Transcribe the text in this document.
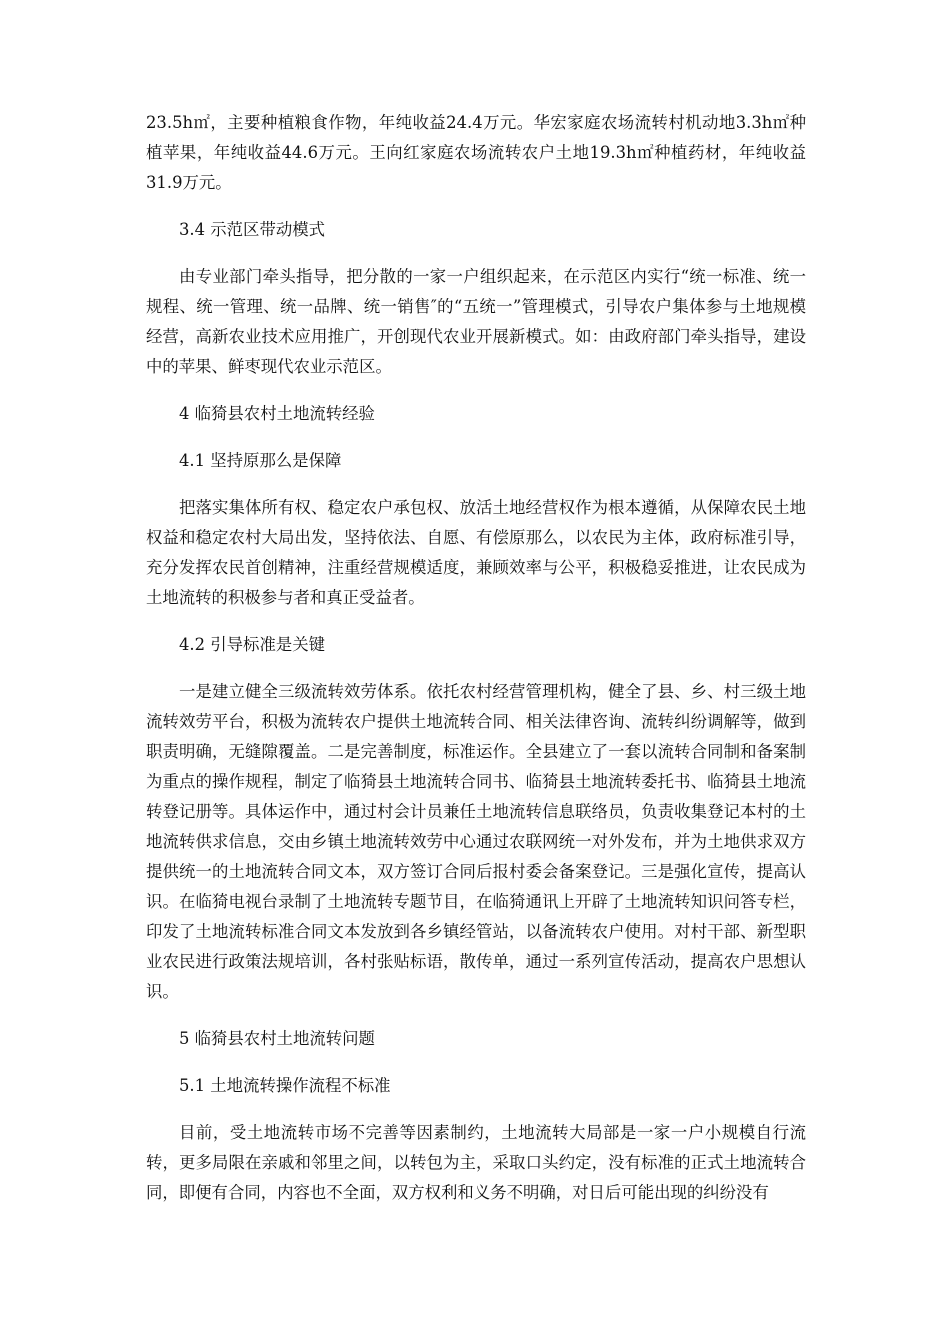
23.5h㎡，主要种植粮食作物，年纯收益24.4万元。华宏家庭农场流转村机动地3.3h㎡种植苹果，年纯收益44.6万元。王向红家庭农场流转农户土地19.3h㎡种植药材，年纯收益31.9万元。

3.4 示范区带动模式

由专业部门牵头指导，把分散的一家一户组织起来，在示范区内实行“统一标准、统一规程、统一管理、统一品牌、统一销售″的“五统一”管理模式，引导农户集体参与土地规模经营，高新农业技术应用推广，开创现代农业开展新模式。如：由政府部门牵头指导，建设中的苹果、鲜枣现代农业示范区。

4 临猗县农村土地流转经验

4.1 坚持原那么是保障

把落实集体所有权、稳定农户承包权、放活土地经营权作为根本遵循，从保障农民土地权益和稳定农村大局出发，坚持依法、自愿、有偿原那么，以农民为主体，政府标准引导，充分发挥农民首创精神，注重经营规模适度，兼顾效率与公平，积极稳妥推进，让农民成为土地流转的积极参与者和真正受益者。

4.2 引导标准是关键

一是建立健全三级流转效劳体系。依托农村经营管理机构，健全了县、乡、村三级土地流转效劳平台，积极为流转农户提供土地流转合同、相关法律咨询、流转纠纷调解等，做到职责明确，无缝隙覆盖。二是完善制度，标准运作。全县建立了一套以流转合同制和备案制为重点的操作规程，制定了临猗县土地流转合同书、临猗县土地流转委托书、临猗县土地流转登记册等。具体运作中，通过村会计员兼任土地流转信息联络员，负责收集登记本村的土地流转供求信息，交由乡镇土地流转效劳中心通过农联网统一对外发布，并为土地供求双方提供统一的土地流转合同文本，双方签订合同后报村委会备案登记。三是强化宣传，提高认识。在临猗电视台录制了土地流转专题节目，在临猗通讯上开辟了土地流转知识问答专栏，印发了土地流转标准合同文本发放到各乡镇经管站，以备流转农户使用。对村干部、新型职业农民进行政策法规培训，各村张贴标语，散传单，通过一系列宣传活动，提高农户思想认识。

5 临猗县农村土地流转问题

5.1 土地流转操作流程不标准

目前，受土地流转市场不完善等因素制约，土地流转大局部是一家一户小规模自行流转，更多局限在亲戚和邻里之间，以转包为主，采取口头约定，没有标准的正式土地流转合同，即便有合同，内容也不全面，双方权利和义务不明确，对日后可能出现的纠纷没有
